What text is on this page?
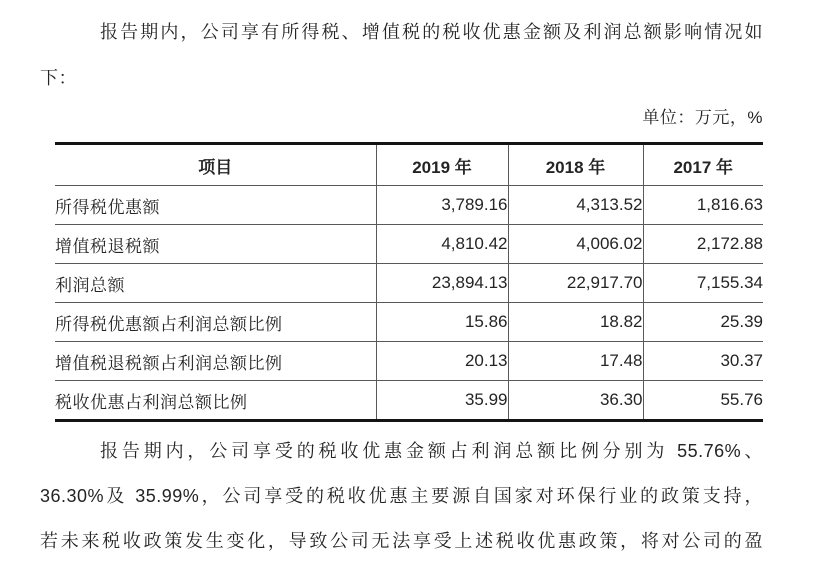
报告期内，公司享有所得税、增值税的税收优惠金额及利润总额影响情况如
下：
单位：万元，%
项目	2019 年	2018 年	2017 年
所得税优惠额	3,789.16	4,313.52	1,816.63
增值税退税额	4,810.42	4,006.02	2,172.88
利润总额	23,894.13	22,917.70	7,155.34
所得税优惠额占利润总额比例	15.86	18.82	25.39
增值税退税额占利润总额比例	20.13	17.48	30.37
税收优惠占利润总额比例	35.99	36.30	55.76
报告期内，公司享受的税收优惠金额占利润总额比例分别为 55.76%、
36.30%及 35.99%，公司享受的税收优惠主要源自国家对环保行业的政策支持，
若未来税收政策发生变化，导致公司无法享受上述税收优惠政策，将对公司的盈
